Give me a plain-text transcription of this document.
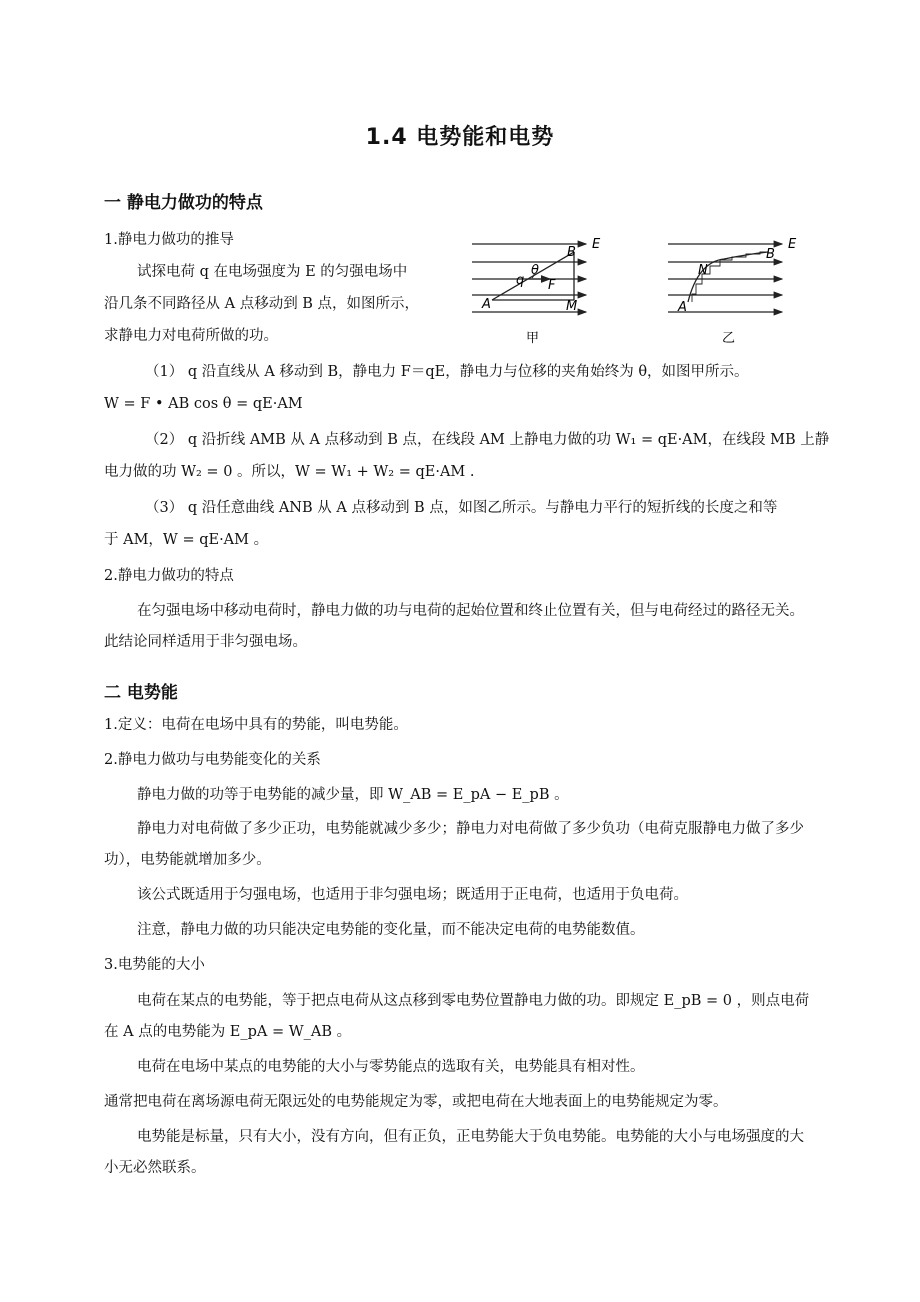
1.4 电势能和电势
一 静电力做功的特点
1.静电力做功的推导
试探电荷 q 在电场强度为 E 的匀强电场中
沿几条不同路径从 A 点移动到 B 点，如图所示，
求静电力对电荷所做的功。
E
B
q
θ
F
A	M
甲
E
B
N
A
乙
（1） q 沿直线从 A 移动到 B，静电力 F＝qE，静电力与位移的夹角始终为 θ，如图甲所示。
W = F • AB cos θ = qE·AM
（2） q 沿折线 AMB 从 A 点移动到 B 点，在线段 AM 上静电力做的功 W₁ = qE·AM，在线段 MB 上静
电力做的功 W₂ = 0 。所以，W = W₁ + W₂ = qE·AM .
（3） q 沿任意曲线 ANB 从 A 点移动到 B 点，如图乙所示。与静电力平行的短折线的长度之和等
于 AM，W = qE·AM 。
2.静电力做功的特点
在匀强电场中移动电荷时，静电力做的功与电荷的起始位置和终止位置有关，但与电荷经过的路径无关。此结论同样适用于非匀强电场。
二 电势能
1.定义：电荷在电场中具有的势能，叫电势能。
2.静电力做功与电势能变化的关系
静电力做的功等于电势能的减少量，即 W_AB = E_pA − E_pB 。
静电力对电荷做了多少正功，电势能就减少多少；静电力对电荷做了多少负功（电荷克服静电力做了多少功），电势能就增加多少。
该公式既适用于匀强电场，也适用于非匀强电场；既适用于正电荷，也适用于负电荷。
注意，静电力做的功只能决定电势能的变化量，而不能决定电荷的电势能数值。
3.电势能的大小
电荷在某点的电势能，等于把点电荷从这点移到零电势位置静电力做的功。即规定 E_pB = 0 ，则点电荷在 A 点的电势能为 E_pA = W_AB 。
电荷在电场中某点的电势能的大小与零势能点的选取有关，电势能具有相对性。
通常把电荷在离场源电荷无限远处的电势能规定为零，或把电荷在大地表面上的电势能规定为零。
电势能是标量，只有大小，没有方向，但有正负，正电势能大于负电势能。电势能的大小与电场强度的大小无必然联系。
